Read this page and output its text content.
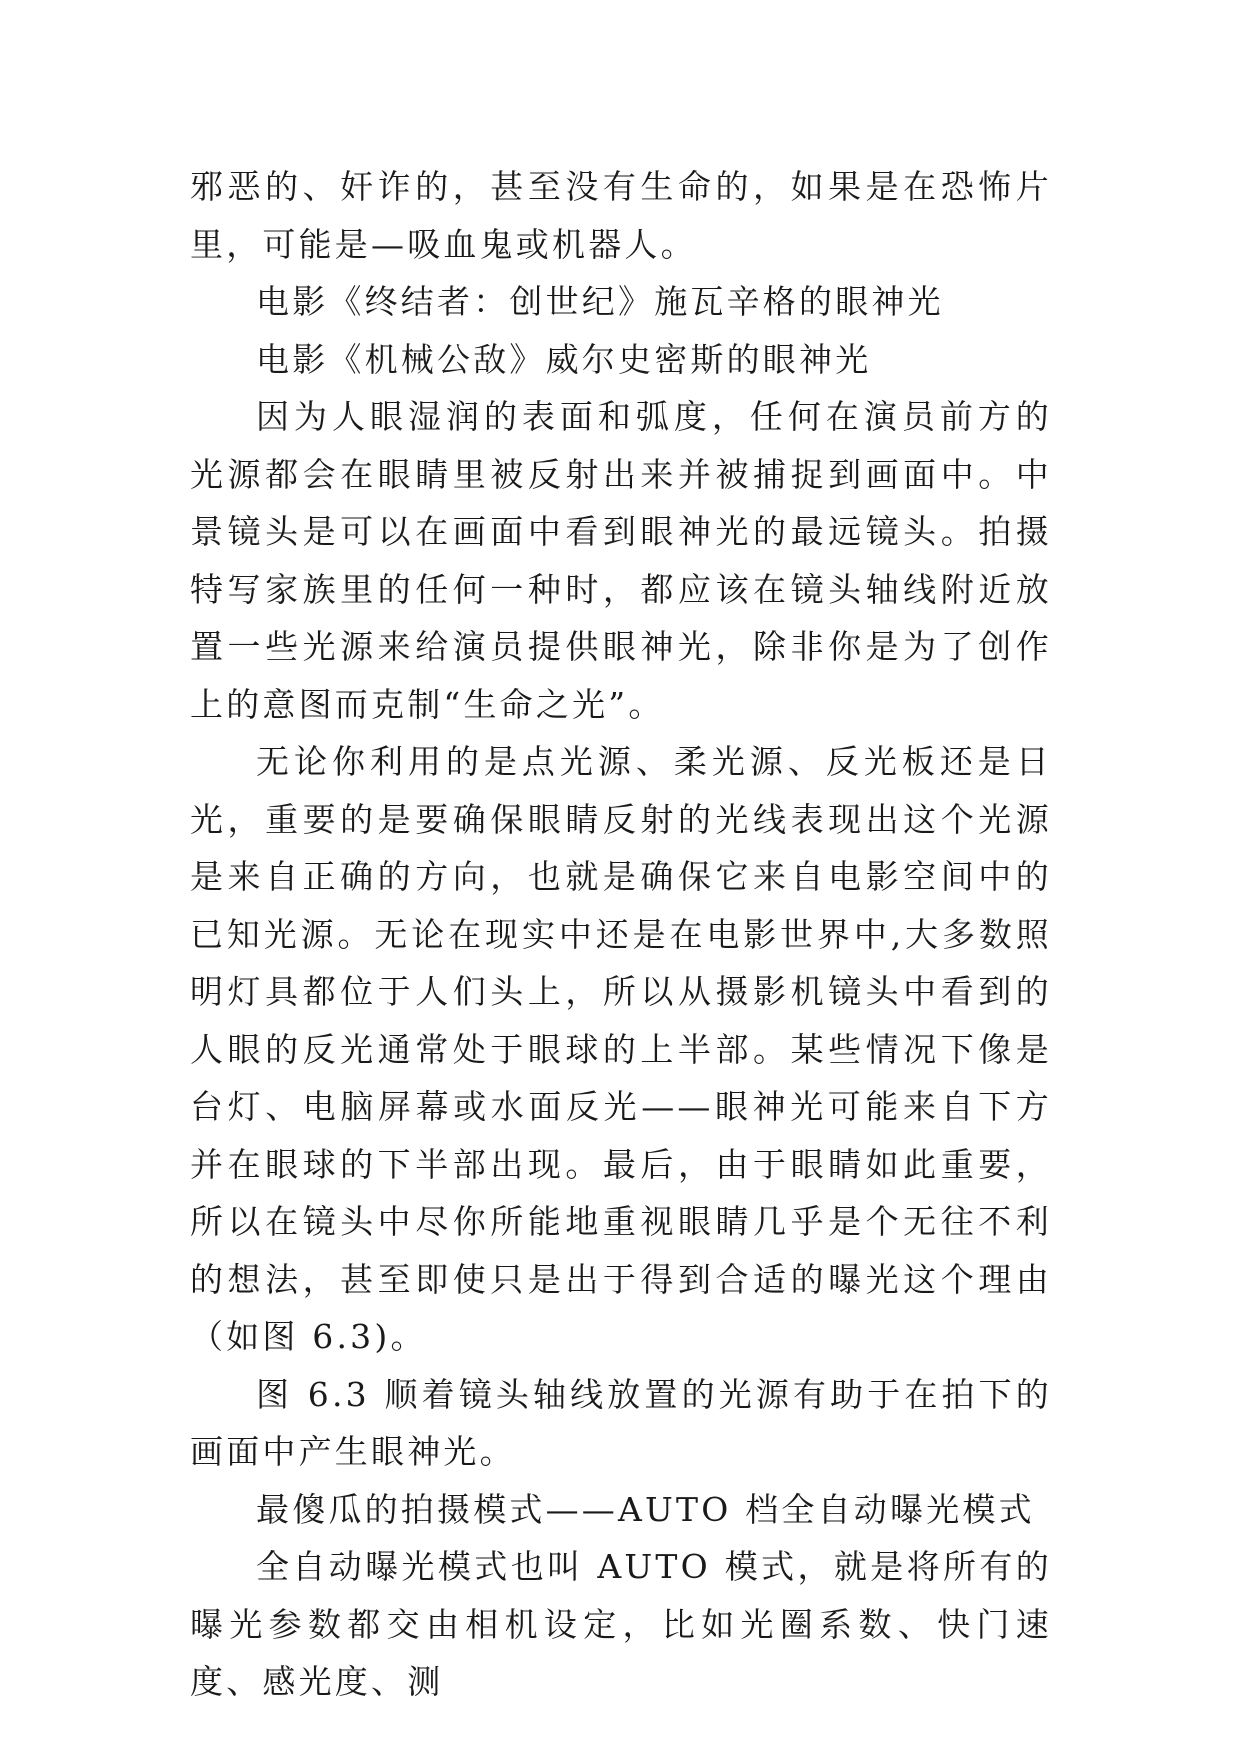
邪恶的、奸诈的，甚至没有生命的，如果是在恐怖片里，可能是—吸血鬼或机器人。

电影《终结者：创世纪》施瓦辛格的眼神光

电影《机械公敌》威尔史密斯的眼神光

因为人眼湿润的表面和弧度，任何在演员前方的光源都会在眼睛里被反射出来并被捕捉到画面中。中景镜头是可以在画面中看到眼神光的最远镜头。拍摄特写家族里的任何一种时，都应该在镜头轴线附近放置一些光源来给演员提供眼神光，除非你是为了创作上的意图而克制“生命之光”。

无论你利用的是点光源、柔光源、反光板还是日光，重要的是要确保眼睛反射的光线表现出这个光源是来自正确的方向，也就是确保它来自电影空间中的已知光源。无论在现实中还是在电影世界中,大多数照明灯具都位于人们头上，所以从摄影机镜头中看到的人眼的反光通常处于眼球的上半部。某些情况下像是台灯、电脑屏幕或水面反光——眼神光可能来自下方并在眼球的下半部出现。最后，由于眼睛如此重要，所以在镜头中尽你所能地重视眼睛几乎是个无往不利的想法，甚至即使只是出于得到合适的曝光这个理由（如图 6.3)。

图 6.3 顺着镜头轴线放置的光源有助于在拍下的画面中产生眼神光。

最傻瓜的拍摄模式——AUTO 档全自动曝光模式

全自动曝光模式也叫 AUTO 模式，就是将所有的曝光参数都交由相机设定，比如光圈系数、快门速度、感光度、测
